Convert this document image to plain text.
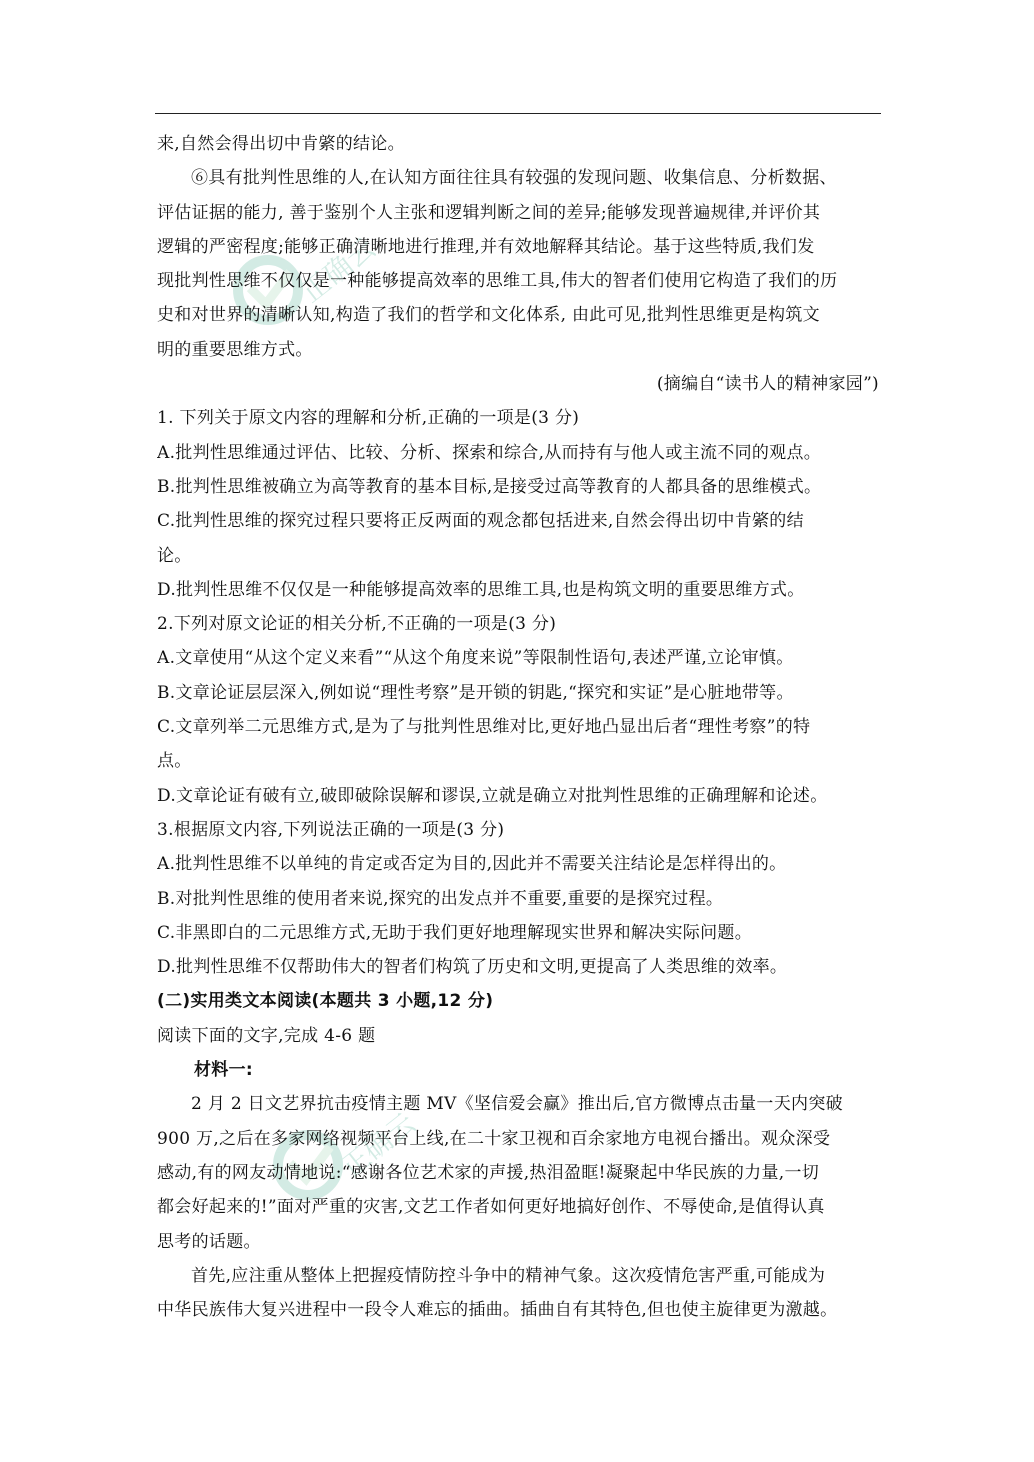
正确云
正确云
来,自然会得出切中肯綮的结论。
⑥具有批判性思维的人,在认知方面往往具有较强的发现问题、收集信息、分析数据、
评估证据的能力, 善于鉴别个人主张和逻辑判断之间的差异;能够发现普遍规律,并评价其
逻辑的严密程度;能够正确清晰地进行推理,并有效地解释其结论。基于这些特质,我们发
现批判性思维不仅仅是一种能够提高效率的思维工具,伟大的智者们使用它构造了我们的历
史和对世界的清晰认知,构造了我们的哲学和文化体系, 由此可见,批判性思维更是构筑文
明的重要思维方式。
(摘编自“读书人的精神家园”)
1. 下列关于原文内容的理解和分析,正确的一项是(3 分)
A.批判性思维通过评估、比较、分析、探索和综合,从而持有与他人或主流不同的观点。
B.批判性思维被确立为高等教育的基本目标,是接受过高等教育的人都具备的思维模式。
C.批判性思维的探究过程只要将正反两面的观念都包括进来,自然会得出切中肯綮的结
论。
D.批判性思维不仅仅是一种能够提高效率的思维工具,也是构筑文明的重要思维方式。
2.下列对原文论证的相关分析,不正确的一项是(3 分)
A.文章使用“从这个定义来看”“从这个角度来说”等限制性语句,表述严谨,立论审慎。
B.文章论证层层深入,例如说“理性考察”是开锁的钥匙,“探究和实证”是心脏地带等。
C.文章列举二元思维方式,是为了与批判性思维对比,更好地凸显出后者“理性考察”的特
点。
D.文章论证有破有立,破即破除误解和谬误,立就是确立对批判性思维的正确理解和论述。
3.根据原文内容,下列说法正确的一项是(3 分)
A.批判性思维不以单纯的肯定或否定为目的,因此并不需要关注结论是怎样得出的。
B.对批判性思维的使用者来说,探究的出发点并不重要,重要的是探究过程。
C.非黑即白的二元思维方式,无助于我们更好地理解现实世界和解决实际问题。
D.批判性思维不仅帮助伟大的智者们构筑了历史和文明,更提高了人类思维的效率。
(二)实用类文本阅读(本题共 3 小题,12 分)
阅读下面的文字,完成 4-6 题
材料一:
2 月 2 日文艺界抗击疫情主题 MV《坚信爱会赢》推出后,官方微博点击量一天内突破
900 万,之后在多家网络视频平台上线,在二十家卫视和百余家地方电视台播出。观众深受
感动,有的网友动情地说:“感谢各位艺术家的声援,热泪盈眶!凝聚起中华民族的力量,一切
都会好起来的!”面对严重的灾害,文艺工作者如何更好地搞好创作、不辱使命,是值得认真
思考的话题。
首先,应注重从整体上把握疫情防控斗争中的精神气象。这次疫情危害严重,可能成为
中华民族伟大复兴进程中一段令人难忘的插曲。插曲自有其特色,但也使主旋律更为激越。
